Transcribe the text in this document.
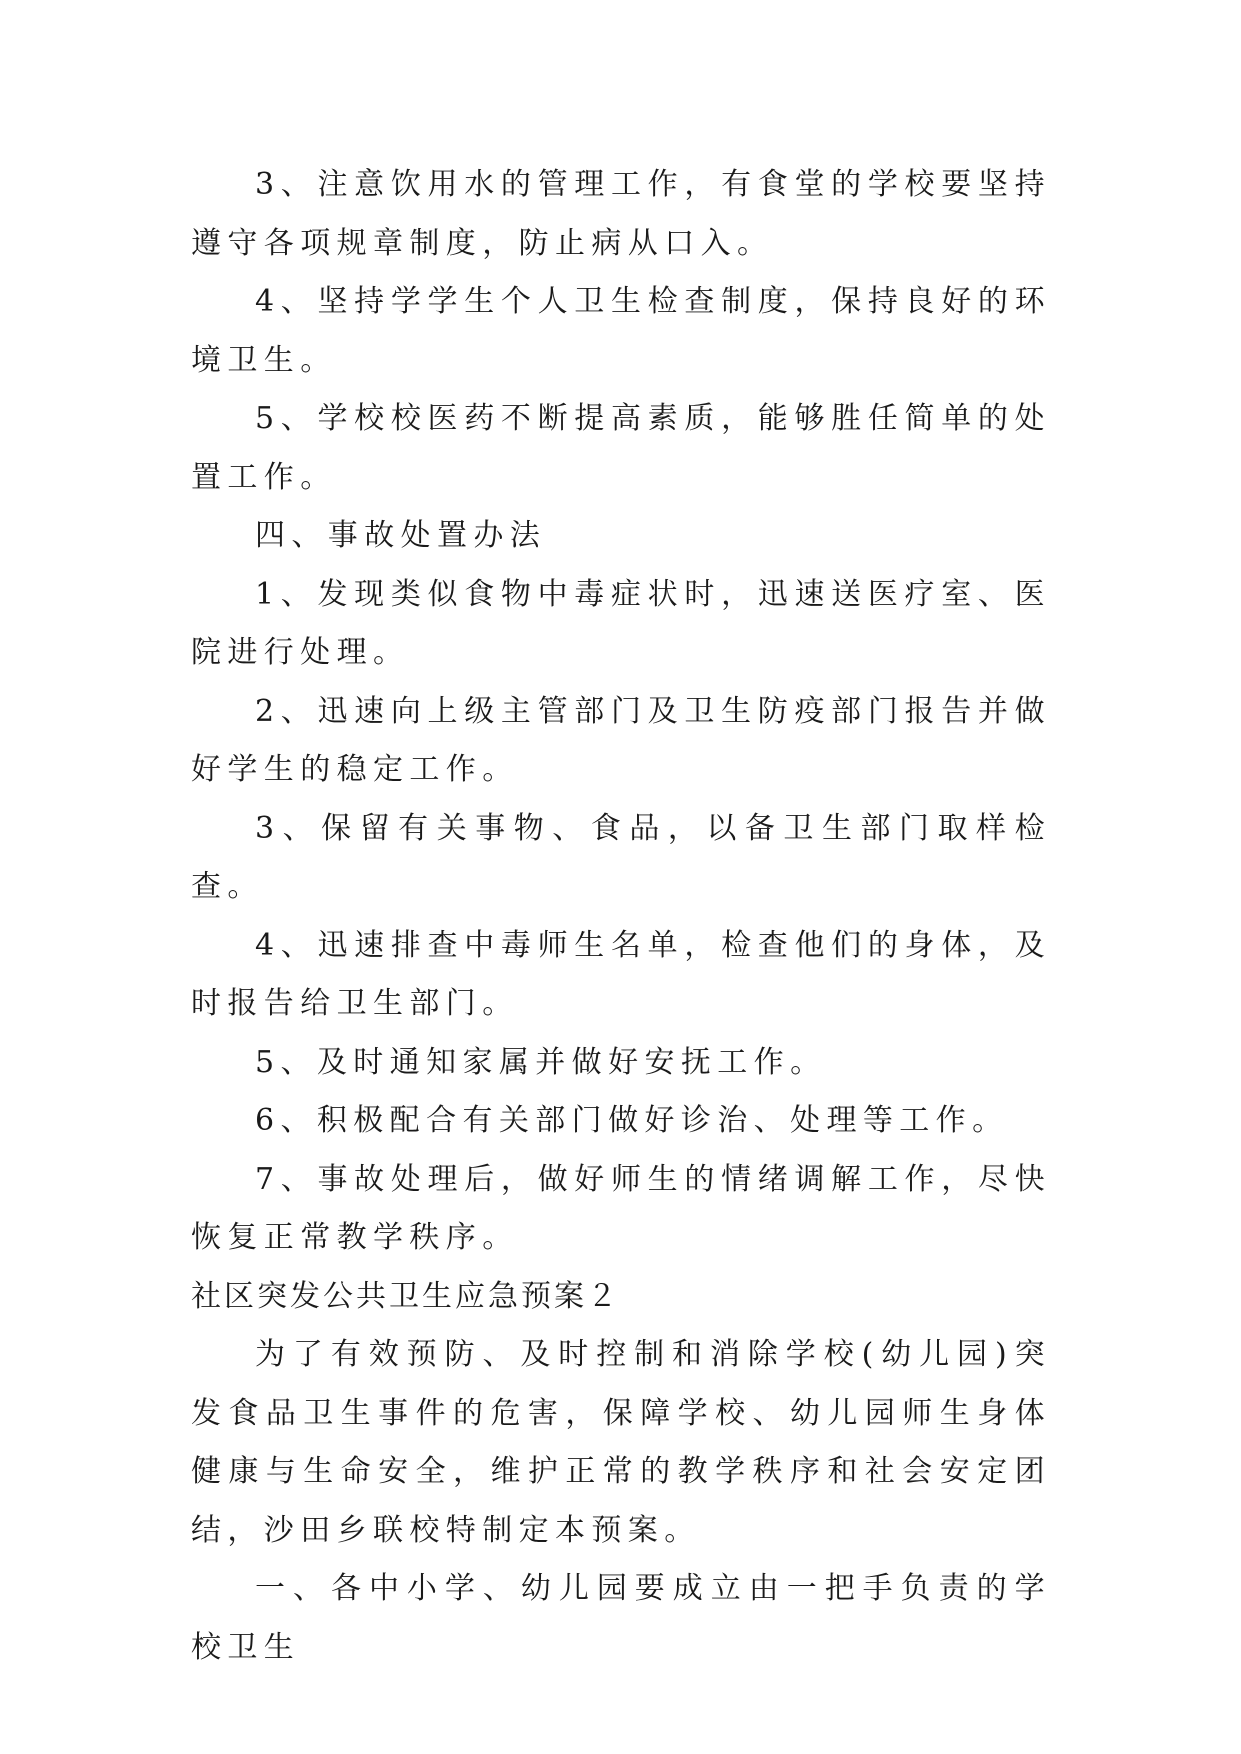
3、注意饮用水的管理工作，有食堂的学校要坚持遵守各项规章制度，防止病从口入。

4、坚持学学生个人卫生检查制度，保持良好的环境卫生。

5、学校校医药不断提高素质，能够胜任简单的处置工作。

四、事故处置办法

1、发现类似食物中毒症状时，迅速送医疗室、医院进行处理。

2、迅速向上级主管部门及卫生防疫部门报告并做好学生的稳定工作。

3、保留有关事物、食品，以备卫生部门取样检查。

4、迅速排查中毒师生名单，检查他们的身体，及时报告给卫生部门。

5、及时通知家属并做好安抚工作。

6、积极配合有关部门做好诊治、处理等工作。

7、事故处理后，做好师生的情绪调解工作，尽快恢复正常教学秩序。

社区突发公共卫生应急预案２

为了有效预防、及时控制和消除学校(幼儿园)突发食品卫生事件的危害，保障学校、幼儿园师生身体健康与生命安全，维护正常的教学秩序和社会安定团结，沙田乡联校特制定本预案。

一、各中小学、幼儿园要成立由一把手负责的学校卫生
